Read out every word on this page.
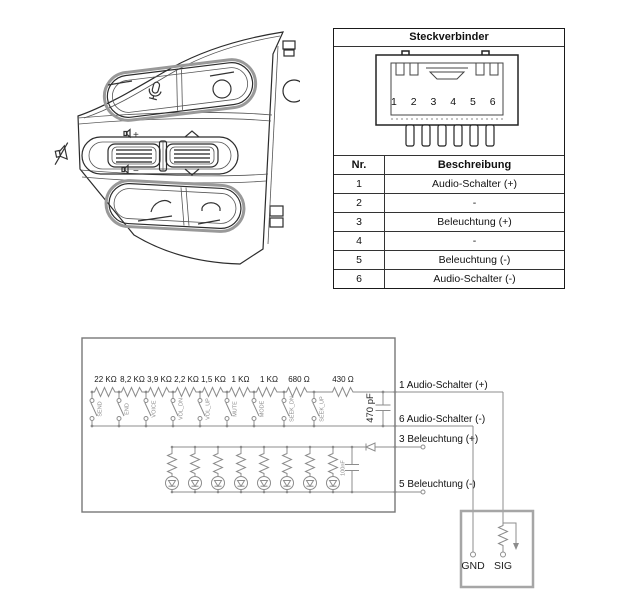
+
−
Steckverbinder
1 2 3 4 5 6
Nr.	Beschreibung
1	Audio-Schalter (+)
2	-
3	Beleuchtung (+)
4	-
5	Beleuchtung (-)
6	Audio-Schalter (-)
22 KΩ 8,2 KΩ 3,9 KΩ 2,2 KΩ 1,5 KΩ 1 KΩ 1 KΩ 680 Ω	430 Ω
SEND	END	VOICE	VOL_DN	VOL_UP	MUTE	MODE	SEEK_DN	SEEK_UP	470 pF
100nF
1 Audio-Schalter (+)
6 Audio-Schalter (-)
3 Beleuchtung (+)
5 Beleuchtung (-)
GND SIG
